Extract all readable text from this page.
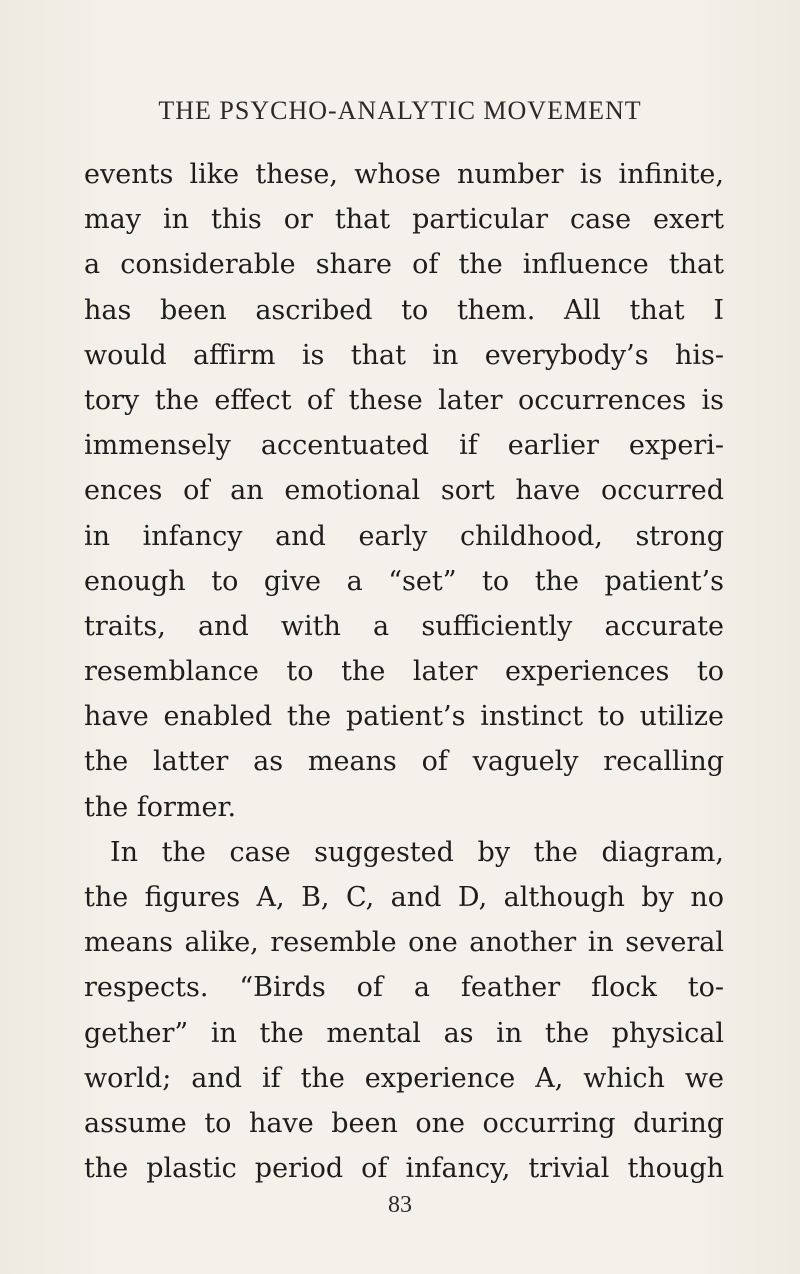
THE PSYCHO-ANALYTIC MOVEMENT
events like these, whose number is infinite,
may in this or that particular case exert
a considerable share of the influence that
has been ascribed to them. All that I
would affirm is that in everybody’s his-
tory the effect of these later occurrences is
immensely accentuated if earlier experi-
ences of an emotional sort have occurred
in infancy and early childhood, strong
enough to give a “set” to the patient’s
traits, and with a sufficiently accurate
resemblance to the later experiences to
have enabled the patient’s instinct to utilize
the latter as means of vaguely recalling
the former.
In the case suggested by the diagram,
the figures A, B, C, and D, although by no
means alike, resemble one another in several
respects. “Birds of a feather flock to-
gether” in the mental as in the physical
world; and if the experience A, which we
assume to have been one occurring during
the plastic period of infancy, trivial though
83
